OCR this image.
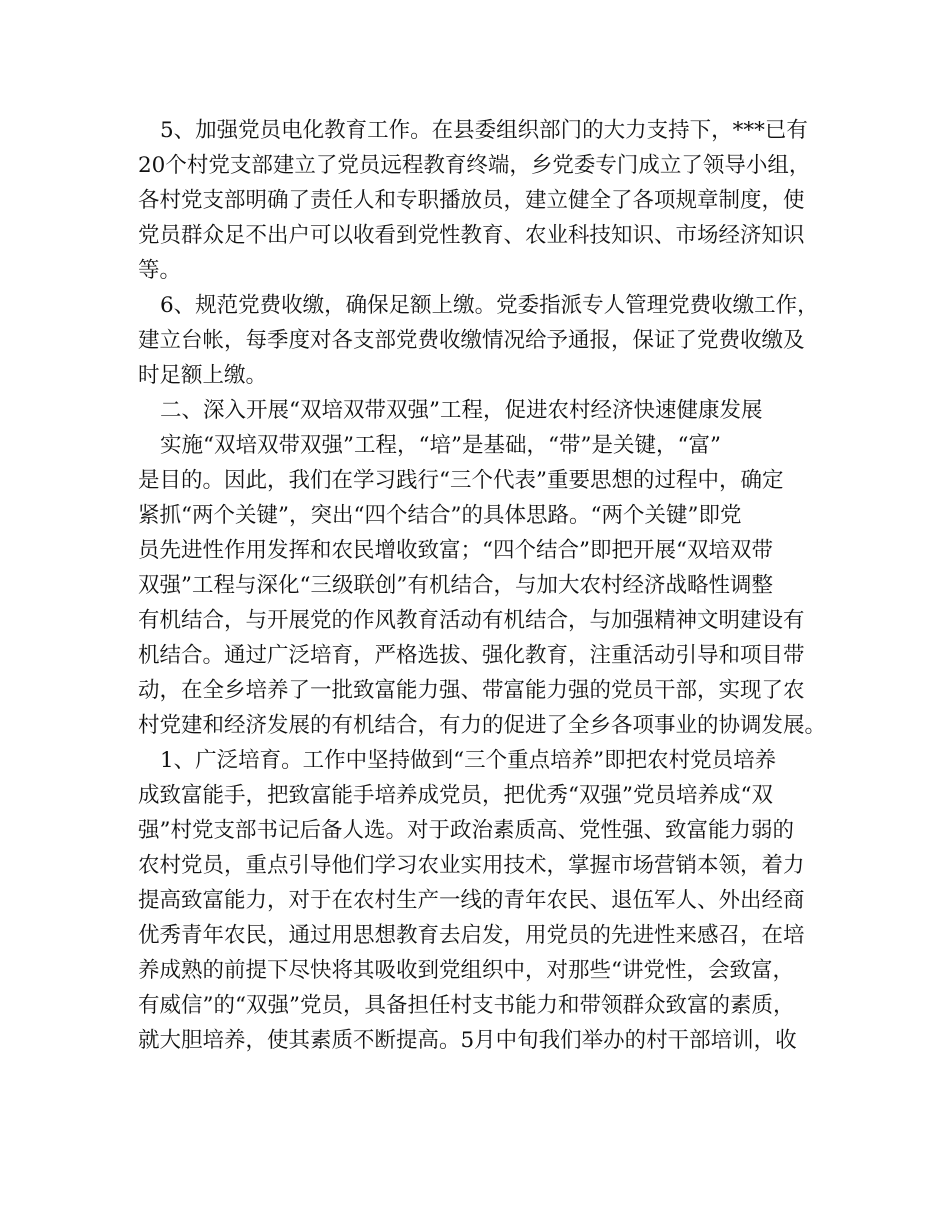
5、加强党员电化教育工作。在县委组织部门的大力支持下，***已有
20个村党支部建立了党员远程教育终端，乡党委专门成立了领导小组，
各村党支部明确了责任人和专职播放员，建立健全了各项规章制度，使
党员群众足不出户可以收看到党性教育、农业科技知识、市场经济知识
等。
6、规范党费收缴，确保足额上缴。党委指派专人管理党费收缴工作，
建立台帐，每季度对各支部党费收缴情况给予通报，保证了党费收缴及
时足额上缴。
二、深入开展“双培双带双强”工程，促进农村经济快速健康发展
实施“双培双带双强”工程，“培”是基础，“带”是关键，“富”
是目的。因此，我们在学习践行“三个代表”重要思想的过程中，确定
紧抓“两个关键”，突出“四个结合”的具体思路。“两个关键”即党
员先进性作用发挥和农民增收致富；“四个结合”即把开展“双培双带
双强”工程与深化“三级联创”有机结合，与加大农村经济战略性调整
有机结合，与开展党的作风教育活动有机结合，与加强精神文明建设有
机结合。通过广泛培育，严格选拔、强化教育，注重活动引导和项目带
动，在全乡培养了一批致富能力强、带富能力强的党员干部，实现了农
村党建和经济发展的有机结合，有力的促进了全乡各项事业的协调发展。
1、广泛培育。工作中坚持做到“三个重点培养”即把农村党员培养
成致富能手，把致富能手培养成党员，把优秀“双强”党员培养成“双
强”村党支部书记后备人选。对于政治素质高、党性强、致富能力弱的
农村党员，重点引导他们学习农业实用技术，掌握市场营销本领，着力
提高致富能力，对于在农村生产一线的青年农民、退伍军人、外出经商
优秀青年农民，通过用思想教育去启发，用党员的先进性来感召，在培
养成熟的前提下尽快将其吸收到党组织中，对那些“讲党性，会致富，
有威信”的“双强”党员，具备担任村支书能力和带领群众致富的素质，
就大胆培养，使其素质不断提高。5月中旬我们举办的村干部培训，收
